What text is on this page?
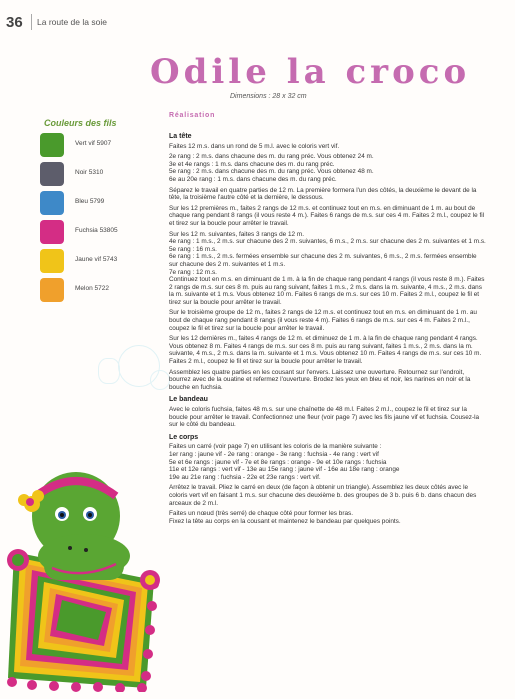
36 La route de la soie
Odile la croco
Dimensions : 28 x 32 cm
Couleurs des fils
Vert vif 5907
Noir 5310
Bleu 5799
Fuchsia 53805
Jaune vif 5743
Melon 5722
Réalisation
La tête

Faites 12 m.s. dans un rond de 5 m.l. avec le coloris vert vif.

2e rang : 2 m.s. dans chacune des m. du rang préc. Vous obtenez 24 m.

3e et 4e rangs : 1 m.s. dans chacune des m. du rang préc.

5e rang : 2 m.s. dans chacune des m. du rang préc. Vous obtenez 48 m.

6e au 20e rang : 1 m.s. dans chacune des m. du rang préc.

Séparez le travail en quatre parties de 12 m. La première formera l'un des côtés, la deuxième le devant de la tête, la troisième l'autre côté et la dernière, le dessous.

Sur les 12 premières m., faites 2 rangs de 12 m.s. et continuez tout en m.s. en diminuant de 1 m. au bout de chaque rang pendant 8 rangs (il vous reste 4 m.). Faites 6 rangs de m.s. sur ces 4 m. Faites 2 m.l., coupez le fil et tirez sur la boucle pour arrêter le travail.

Sur les 12 m. suivantes, faites 3 rangs de 12 m.

4e rang : 1 m.s., 2 m.s. sur chacune des 2 m. suivantes, 6 m.s., 2 m.s. sur chacune des 2 m. suivantes et 1 m.s.

5e rang : 16 m.s.

6e rang : 1 m.s., 2 m.s. fermées ensemble sur chacune des 2 m. suivantes, 6 m.s., 2 m.s. fermées ensemble sur chacune des 2 m. suivantes et 1 m.s.

7e rang : 12 m.s.

Continuez tout en m.s. en diminuant de 1 m. à la fin de chaque rang pendant 4 rangs (il vous reste 8 m.). Faites 2 rangs de m.s. sur ces 8 m. puis au rang suivant, faites 1 m.s., 2 m.s. dans la m. suivante, 4 m.s., 2 m.s. dans la m. suivante et 1 m.s. Vous obtenez 10 m. Faites 6 rangs de m.s. sur ces 10 m. Faites 2 m.l., coupez le fil et tirez sur la boucle pour arrêter le travail.

Sur le troisième groupe de 12 m., faites 2 rangs de 12 m.s. et continuez tout en m.s. en diminuant de 1 m. au bout de chaque rang pendant 8 rangs (il vous reste 4 m). Faites 6 rangs de m.s. sur ces 4 m. Faites 2 m.l., coupez le fil et tirez sur la boucle pour arrêter le travail.

Sur les 12 dernières m., faites 4 rangs de 12 m. et diminuez de 1 m. à la fin de chaque rang pendant 4 rangs. Vous obtenez 8 m. Faites 4 rangs de m.s. sur ces 8 m. puis au rang suivant, faites 1 m.s., 2 m.s. dans la m. suivante, 4 m.s., 2 m.s. dans la m. suivante et 1 m.s. Vous obtenez 10 m. Faites 4 rangs de m.s. sur ces 10 m. Faites 2 m.l., coupez le fil et tirez sur la boucle pour arrêter le travail.

Assemblez les quatre parties en les cousant sur l'envers. Laissez une ouverture. Retournez sur l'endroit, bourrez avec de la ouatine et refermez l'ouverture. Brodez les yeux en bleu et noir, les narines en noir et la bouche en fuchsia.

Le bandeau

Avec le coloris fuchsia, faites 48 m.s. sur une chaînette de 48 m.l. Faites 2 m.l., coupez le fil et tirez sur la boucle pour arrêter le travail. Confectionnez une fleur (voir page 7) avec les fils jaune vif et fuchsia. Cousez-la sur le côté du bandeau.

Le corps

Faites un carré (voir page 7) en utilisant les coloris de la manière suivante :

1er rang : jaune vif - 2e rang : orange - 3e rang : fuchsia - 4e rang : vert vif

5e et 6e rangs : jaune vif - 7e et 8e rangs : orange - 9e et 10e rangs : fuchsia

11e et 12e rangs : vert vif - 13e au 15e rang : jaune vif - 16e au 18e rang : orange

19e au 21e rang : fuchsia - 22e et 23e rangs : vert vif.

Arrêtez le travail. Pliez le carré en deux (de façon à obtenir un triangle). Assemblez les deux côtés avec le coloris vert vif en faisant 1 m.s. sur chacune des deuxième b. des groupes de 3 b. puis 6 b. dans chacun des arceaux de 2 m.l.

Faites un nœud (très serré) de chaque côté pour former les bras.

Fixez la tête au corps en la cousant et maintenez le bandeau par quelques points.
